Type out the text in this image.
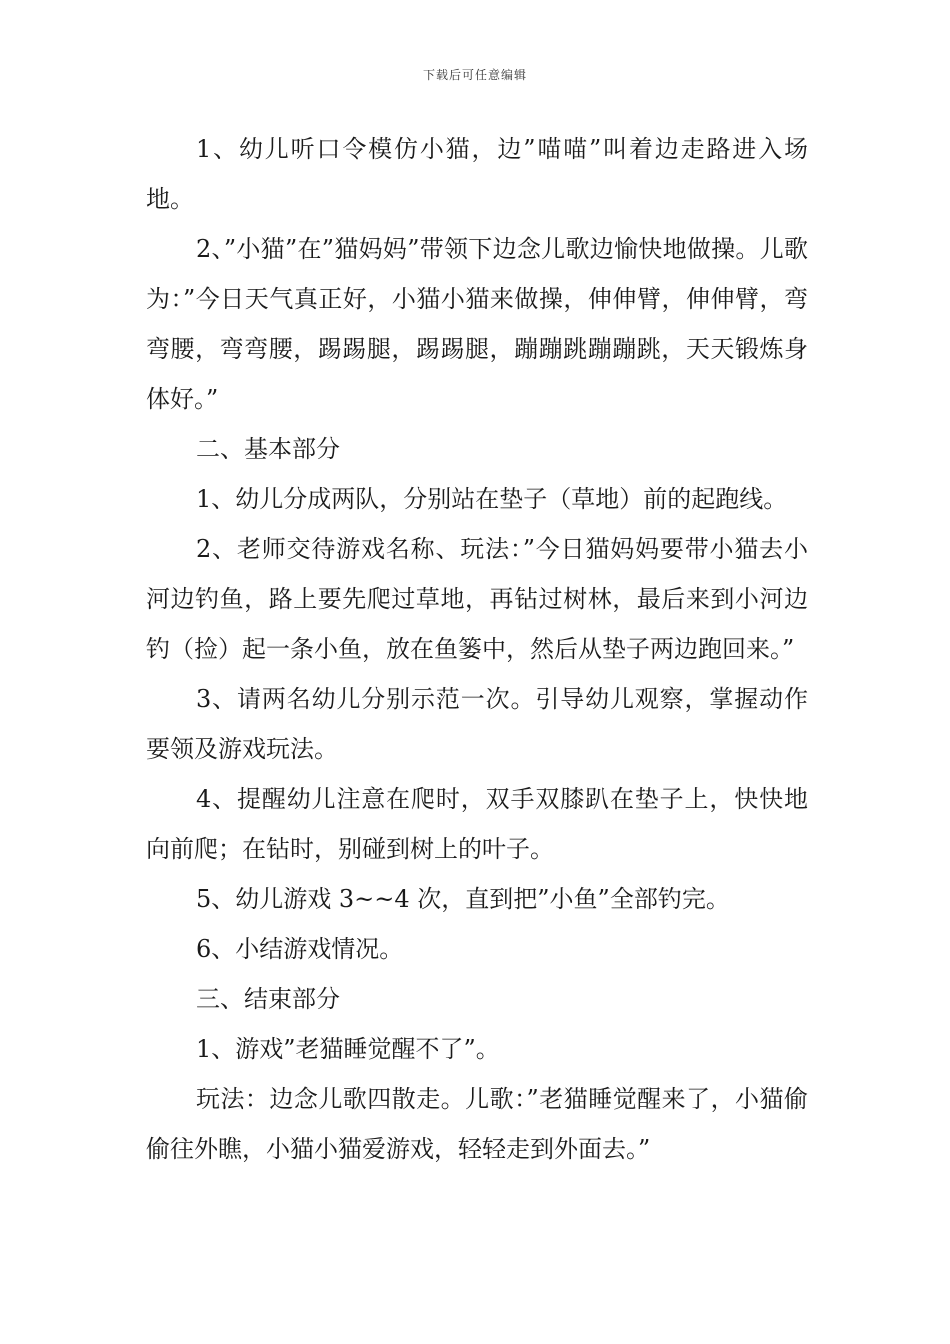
下载后可任意编辑

1、幼儿听口令模仿小猫，边”喵喵”叫着边走路进入场地。

2、”小猫”在”猫妈妈”带领下边念儿歌边愉快地做操。儿歌为：”今日天气真正好，小猫小猫来做操，伸伸臂，伸伸臂，弯弯腰，弯弯腰，踢踢腿，踢踢腿，蹦蹦跳蹦蹦跳，天天锻炼身体好。”

二、基本部分

1、幼儿分成两队，分别站在垫子（草地）前的起跑线。

2、老师交待游戏名称、玩法：”今日猫妈妈要带小猫去小河边钓鱼，路上要先爬过草地，再钻过树林，最后来到小河边钓（捡）起一条小鱼，放在鱼篓中，然后从垫子两边跑回来。”

3、请两名幼儿分别示范一次。引导幼儿观察，掌握动作要领及游戏玩法。

4、提醒幼儿注意在爬时，双手双膝趴在垫子上，快快地向前爬；在钻时，别碰到树上的叶子。

5、幼儿游戏 3~~4 次，直到把”小鱼”全部钓完。

6、小结游戏情况。

三、结束部分

1、游戏”老猫睡觉醒不了”。

玩法：边念儿歌四散走。儿歌：”老猫睡觉醒来了，小猫偷偷往外瞧，小猫小猫爱游戏，轻轻走到外面去。”
